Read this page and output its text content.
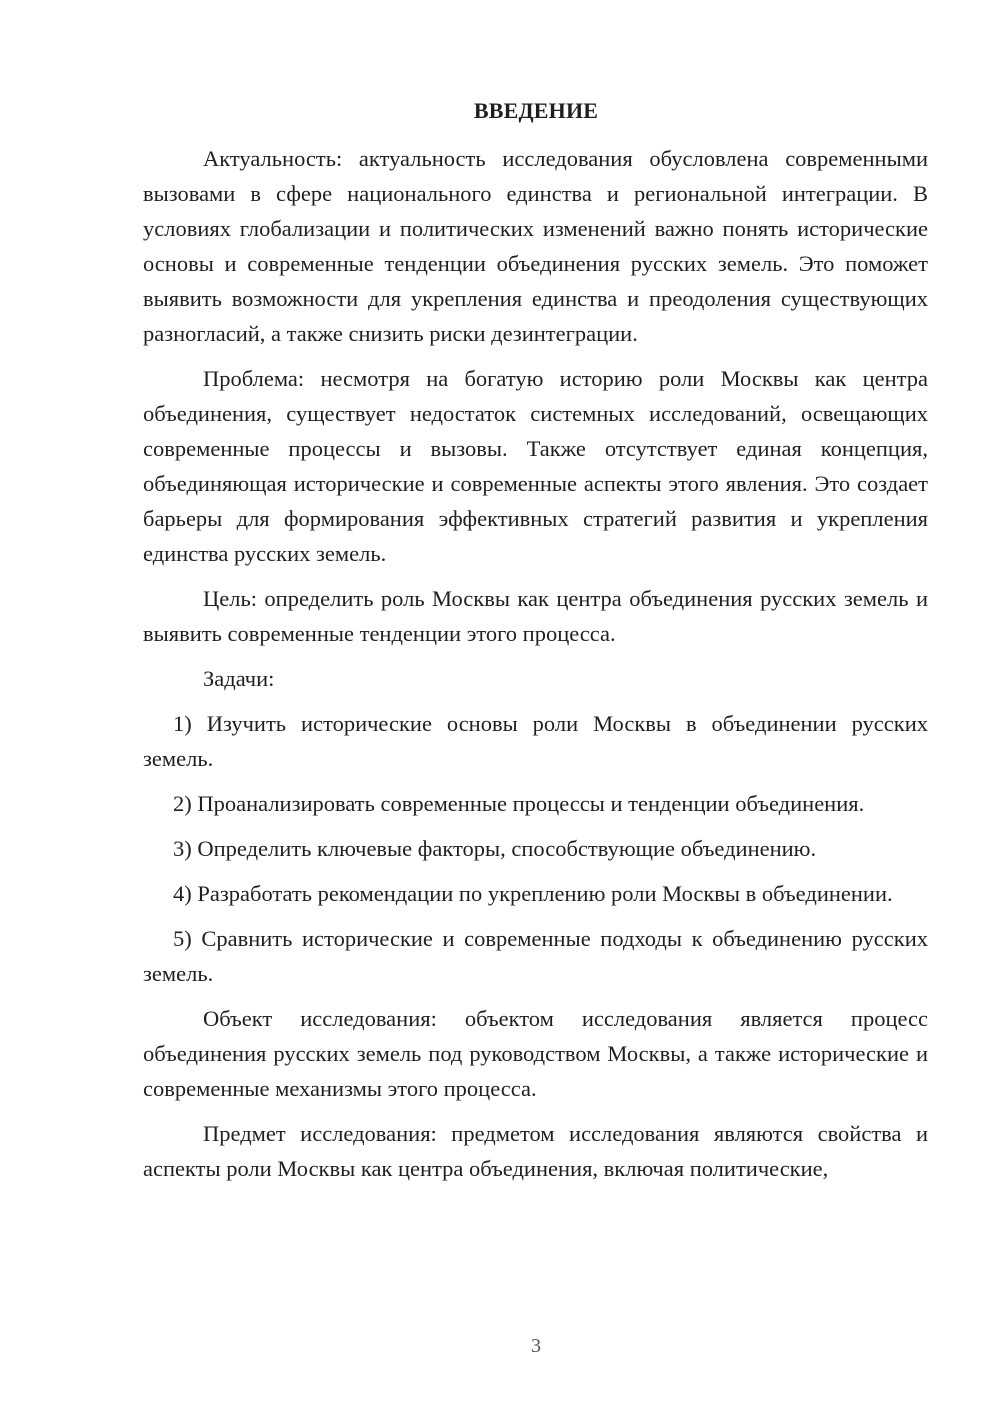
ВВЕДЕНИЕ

Актуальность: актуальность исследования обусловлена современными вызовами в сфере национального единства и региональной интеграции. В условиях глобализации и политических изменений важно понять исторические основы и современные тенденции объединения русских земель. Это поможет выявить возможности для укрепления единства и преодоления существующих разногласий, а также снизить риски дезинтеграции.

Проблема: несмотря на богатую историю роли Москвы как центра объединения, существует недостаток системных исследований, освещающих современные процессы и вызовы. Также отсутствует единая концепция, объединяющая исторические и современные аспекты этого явления. Это создает барьеры для формирования эффективных стратегий развития и укрепления единства русских земель.

Цель: определить роль Москвы как центра объединения русских земель и выявить современные тенденции этого процесса.

Задачи:

1) Изучить исторические основы роли Москвы в объединении русских земель.

2) Проанализировать современные процессы и тенденции объединения.

3) Определить ключевые факторы, способствующие объединению.

4) Разработать рекомендации по укреплению роли Москвы в объединении.

5) Сравнить исторические и современные подходы к объединению русских земель.

Объект исследования: объектом исследования является процесс объединения русских земель под руководством Москвы, а также исторические и современные механизмы этого процесса.

Предмет исследования: предметом исследования являются свойства и аспекты роли Москвы как центра объединения, включая политические,

3
